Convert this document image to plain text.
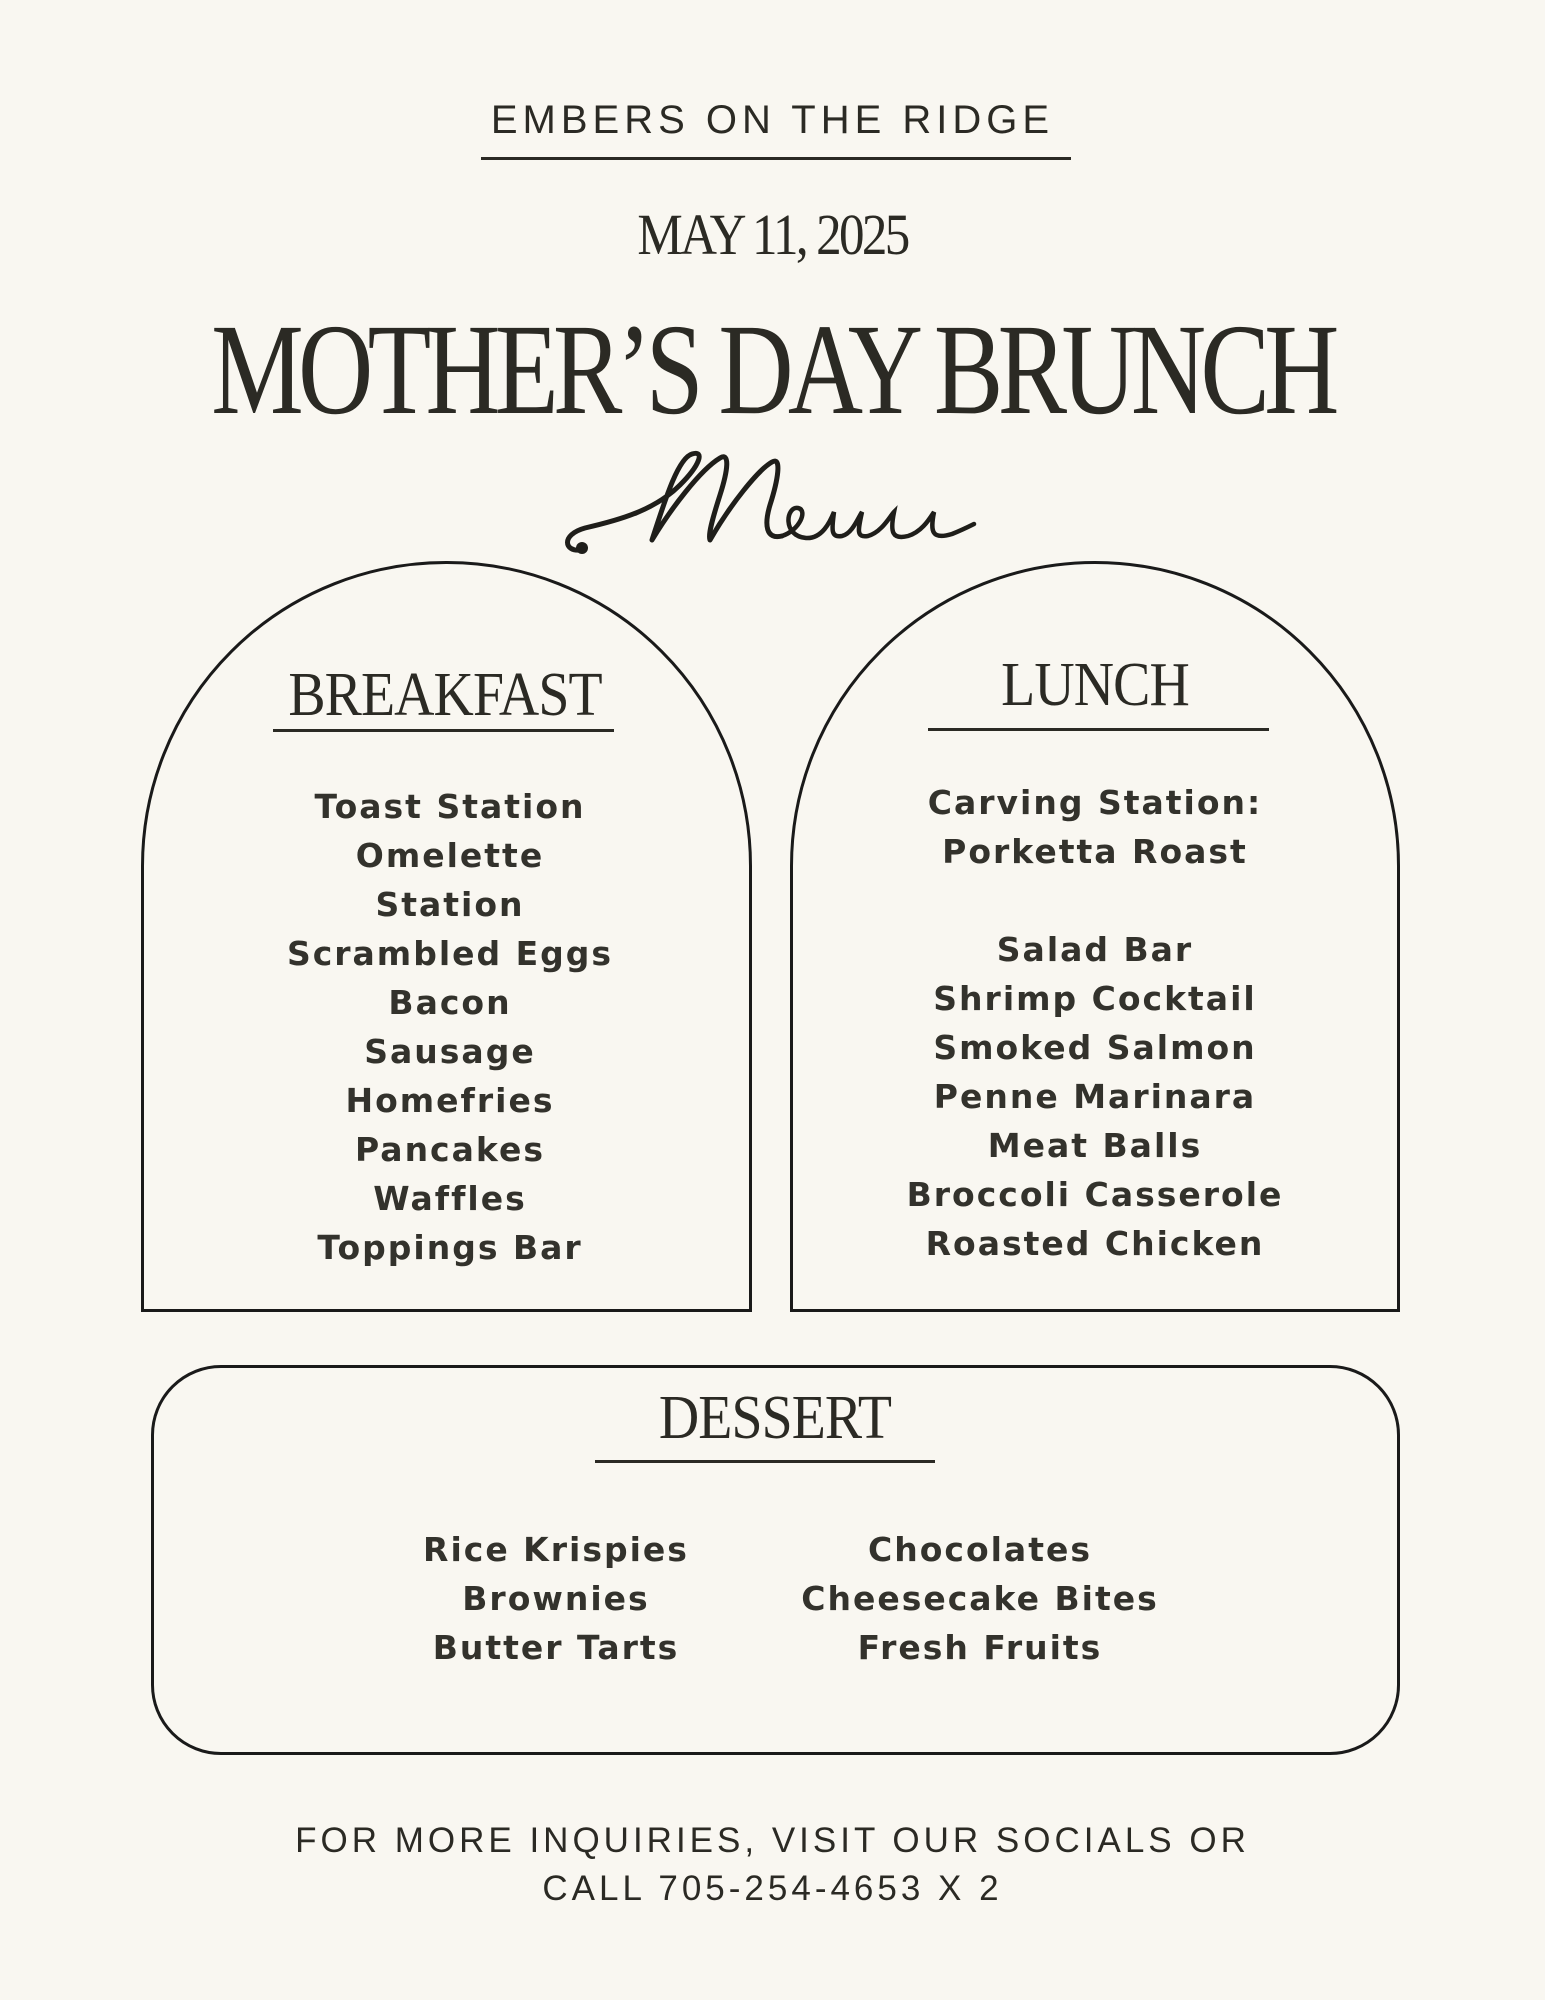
EMBERS ON THE RIDGE
MAY 11, 2025
MOTHER’S DAY BRUNCH
BREAKFAST
Toast Station
Omelette
Station
Scrambled Eggs
Bacon
Sausage
Homefries
Pancakes
Waffles
Toppings Bar
LUNCH
Carving Station:
Porketta Roast

Salad Bar
Shrimp Cocktail
Smoked Salmon
Penne Marinara
Meat Balls
Broccoli Casserole
Roasted Chicken
DESSERT
Rice Krispies
Brownies
Butter Tarts
Chocolates
Cheesecake Bites
Fresh Fruits
FOR MORE INQUIRIES, VISIT OUR SOCIALS OR
CALL 705-254-4653 X 2
